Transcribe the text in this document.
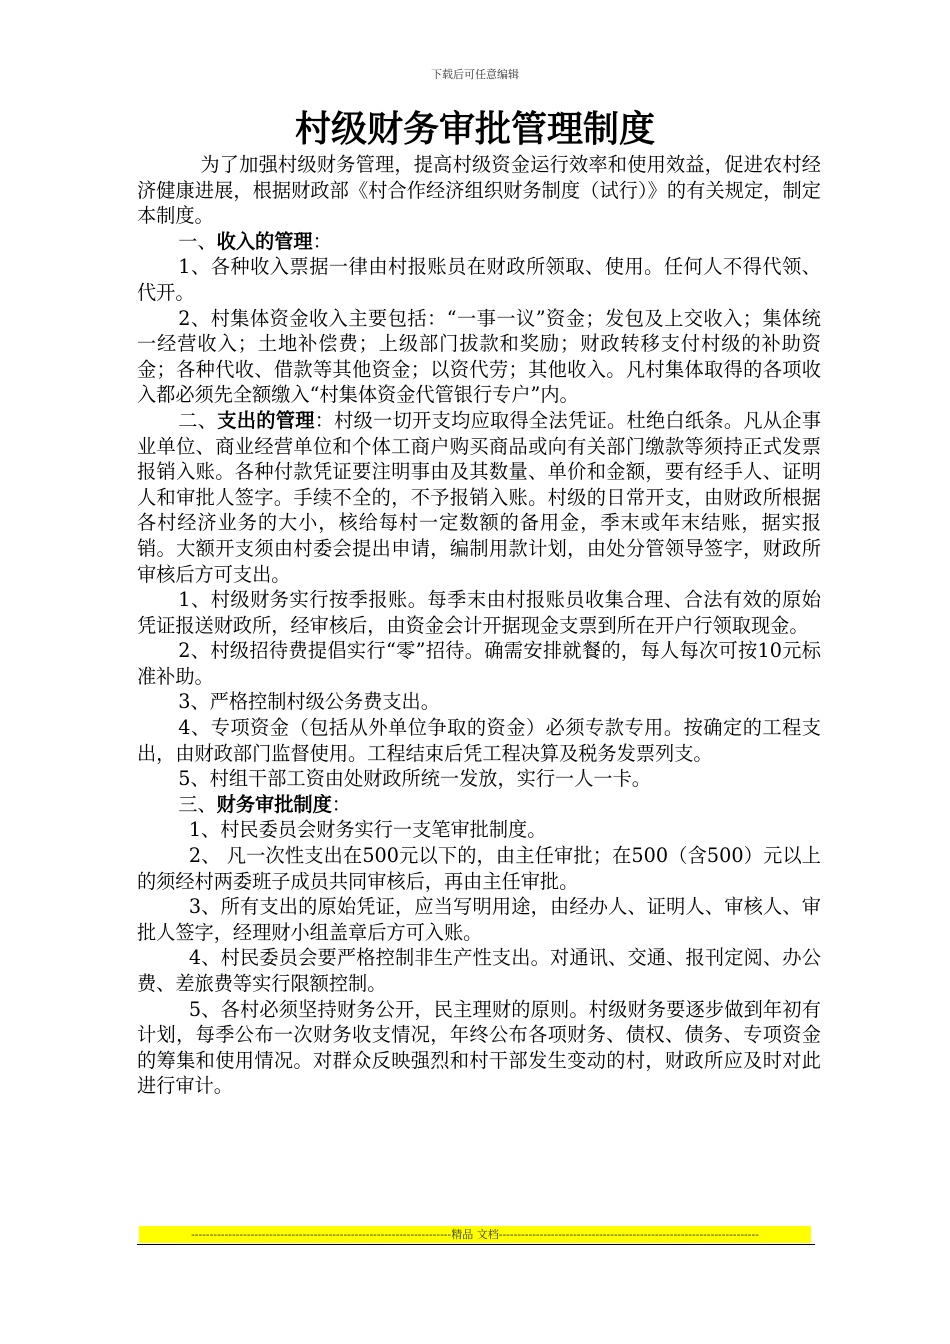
下载后可任意编辑
村级财务审批管理制度

为了加强村级财务管理，提高村级资金运行效率和使用效益，促进农村经济健康进展，根据财政部《村合作经济组织财务制度（试行）》的有关规定，制定本制度。

一、收入的管理：

1、各种收入票据一律由村报账员在财政所领取、使用。任何人不得代领、代开。

2、村集体资金收入主要包括：“一事一议”资金；发包及上交收入；集体统一经营收入；土地补偿费；上级部门拔款和奖励；财政转移支付村级的补助资金；各种代收、借款等其他资金；以资代劳；其他收入。凡村集体取得的各项收入都必须先全额缴入“村集体资金代管银行专户”内。

二、支出的管理：村级一切开支均应取得全法凭证。杜绝白纸条。凡从企事业单位、商业经营单位和个体工商户购买商品或向有关部门缴款等须持正式发票报销入账。各种付款凭证要注明事由及其数量、单价和金额，要有经手人、证明人和审批人签字。手续不全的，不予报销入账。村级的日常开支，由财政所根据各村经济业务的大小，核给每村一定数额的备用金，季末或年末结账，据实报销。大额开支须由村委会提出申请，编制用款计划，由处分管领导签字，财政所审核后方可支出。

1、村级财务实行按季报账。每季末由村报账员收集合理、合法有效的原始凭证报送财政所，经审核后，由资金会计开据现金支票到所在开户行领取现金。

2、村级招待费提倡实行“零”招待。确需安排就餐的，每人每次可按10元标准补助。

3、严格控制村级公务费支出。

4、专项资金（包括从外单位争取的资金）必须专款专用。按确定的工程支出，由财政部门监督使用。工程结束后凭工程决算及税务发票列支。

5、村组干部工资由处财政所统一发放，实行一人一卡。

三、财务审批制度：

1、村民委员会财务实行一支笔审批制度。

2、 凡一次性支出在500元以下的，由主任审批；在500（含500）元以上的须经村两委班子成员共同审核后，再由主任审批。

3、所有支出的原始凭证，应当写明用途，由经办人、证明人、审核人、审批人签字，经理财小组盖章后方可入账。

4、村民委员会要严格控制非生产性支出。对通讯、交通、报刊定阅、办公费、差旅费等实行限额控制。

5、各村必须坚持财务公开，民主理财的原则。村级财务要逐步做到年初有计划，每季公布一次财务收支情况，年终公布各项财务、债权、债务、专项资金的筹集和使用情况。对群众反映强烈和村干部发生变动的村，财政所应及时对此进行审计。

----------------------------------------------------------------------精品 文档----------------------------------------------------------------------
